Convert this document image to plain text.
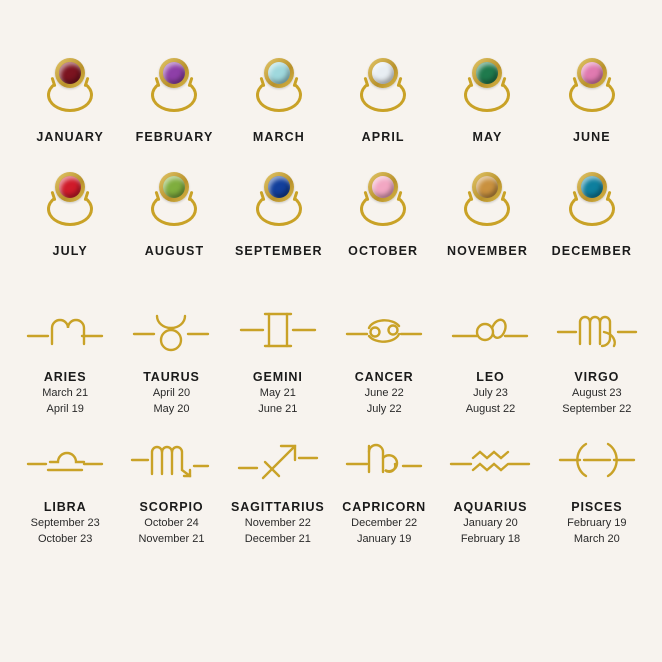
JANUARY	FEBRUARY	MARCH	APRIL	MAY	JUNE
JULY	AUGUST SEPTEMBER OCTOBER NOVEMBER DECEMBER
ARIES
March 21
April 19
TAURUS
April 20
May 20
GEMINI
May 21
June 21
CANCER
June 22
July 22
LEO
July 23
August 22
VIRGO
August 23
September 22
LIBRA
September 23
October 23
SCORPIO
October 24
November 21
SAGITTARIUS
November 22
December 21
CAPRICORN
December 22
January 19
AQUARIUS
January 20
February 18
PISCES
February 19
March 20
